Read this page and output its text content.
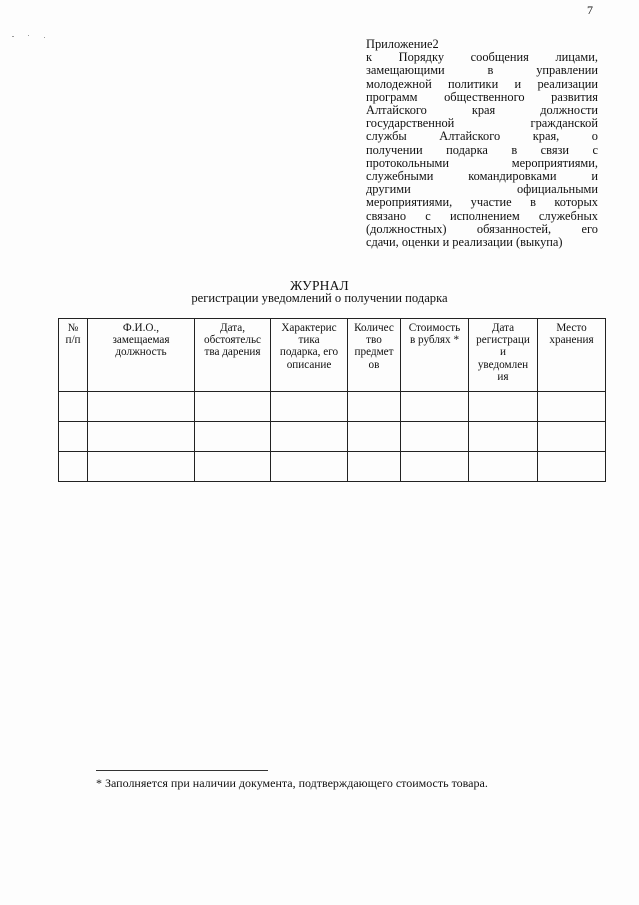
7
Приложение2
к Порядку сообщения лицами,
замещающими в управлении
молодежной политики и реализации
программ общественного развития
Алтайского края должности
государственной гражданской
службы Алтайского края, о
получении подарка в связи с
протокольными мероприятиями,
служебными командировками и
другими официальными
мероприятиями, участие в которых
связано с исполнением служебных
(должностных) обязанностей, его
сдачи, оценки и реализации (выкупа)
ЖУРНАЛ
регистрации уведомлений о получении подарка
№
п/п	Ф.И.О.,
замещаемая
должность	Дата,
обстоятельс
тва дарения	Характерис
тика
подарка, его
описание	Количес
тво
предмет
ов	Стоимость
в рублях *	Дата
регистраци
и
уведомлен
ия	Место
хранения

* Заполняется при наличии документа, подтверждающего стоимость товара.
